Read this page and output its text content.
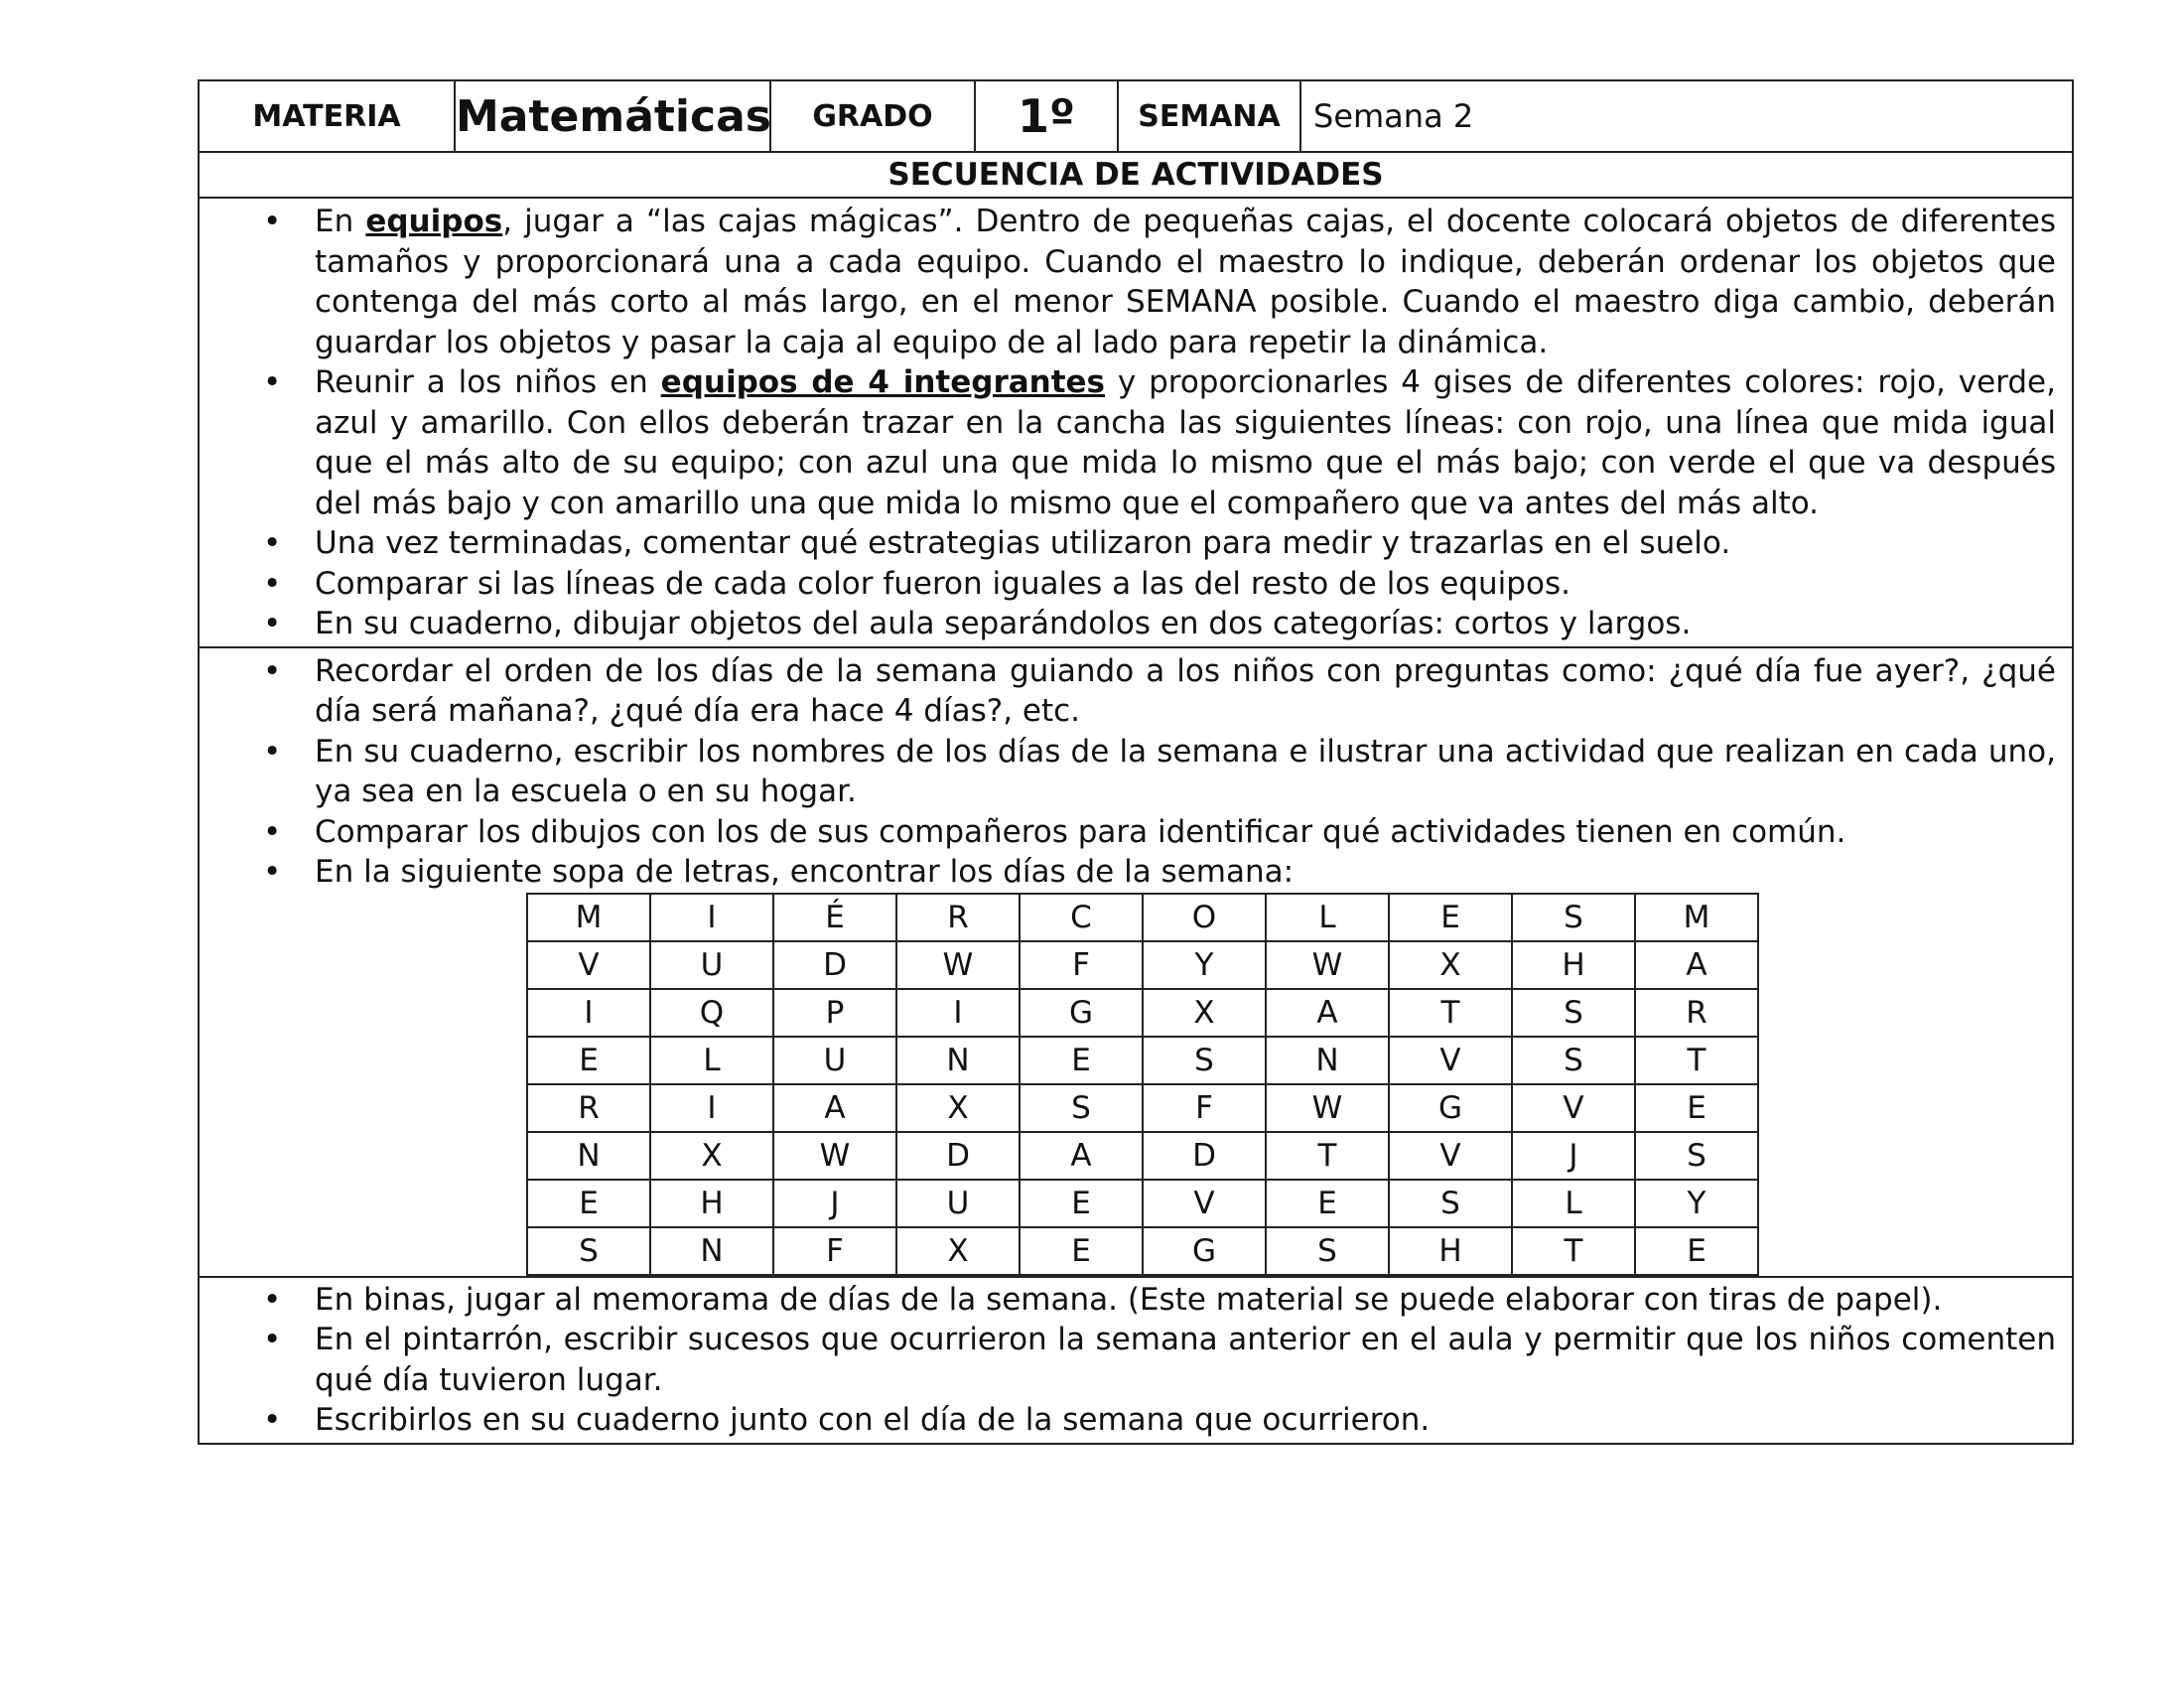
MATERIA	Matemáticas	GRADO	1º	SEMANA	Semana 2
SECUENCIA DE ACTIVIDADES

• En equipos, jugar a “las cajas mágicas”. Dentro de pequeñas cajas, el docente colocará objetos de diferentes tamaños y proporcionará una a cada equipo. Cuando el maestro lo indique, deberán ordenar los objetos que contenga del más corto al más largo, en el menor SEMANA posible. Cuando el maestro diga cambio, deberán guardar los objetos y pasar la caja al equipo de al lado para repetir la dinámica.
• Reunir a los niños en equipos de 4 integrantes y proporcionarles 4 gises de diferentes colores: rojo, verde, azul y amarillo. Con ellos deberán trazar en la cancha las siguientes líneas: con rojo, una línea que mida igual que el más alto de su equipo; con azul una que mida lo mismo que el más bajo; con verde el que va después del más bajo y con amarillo una que mida lo mismo que el compañero que va antes del más alto.
• Una vez terminadas, comentar qué estrategias utilizaron para medir y trazarlas en el suelo.
• Comparar si las líneas de cada color fueron iguales a las del resto de los equipos.
• En su cuaderno, dibujar objetos del aula separándolos en dos categorías: cortos y largos.

• Recordar el orden de los días de la semana guiando a los niños con preguntas como: ¿qué día fue ayer?, ¿qué día será mañana?, ¿qué día era hace 4 días?, etc.
• En su cuaderno, escribir los nombres de los días de la semana e ilustrar una actividad que realizan en cada uno, ya sea en la escuela o en su hogar.
• Comparar los dibujos con los de sus compañeros para identificar qué actividades tienen en común.
• En la siguiente sopa de letras, encontrar los días de la semana:
M	I	É	R	C	O	L	E	S	M
V	U	D	W	F	Y	W	X	H	A
I	Q	P	I	G	X	A	T	S	R
E	L	U	N	E	S	N	V	S	T
R	I	A	X	S	F	W	G	V	E
N	X	W	D	A	D	T	V	J	S
E	H	J	U	E	V	E	S	L	Y
S	N	F	X	E	G	S	H	T	E

• En binas, jugar al memorama de días de la semana. (Este material se puede elaborar con tiras de papel).
• En el pintarrón, escribir sucesos que ocurrieron la semana anterior en el aula y permitir que los niños comenten qué día tuvieron lugar.
• Escribirlos en su cuaderno junto con el día de la semana que ocurrieron.
